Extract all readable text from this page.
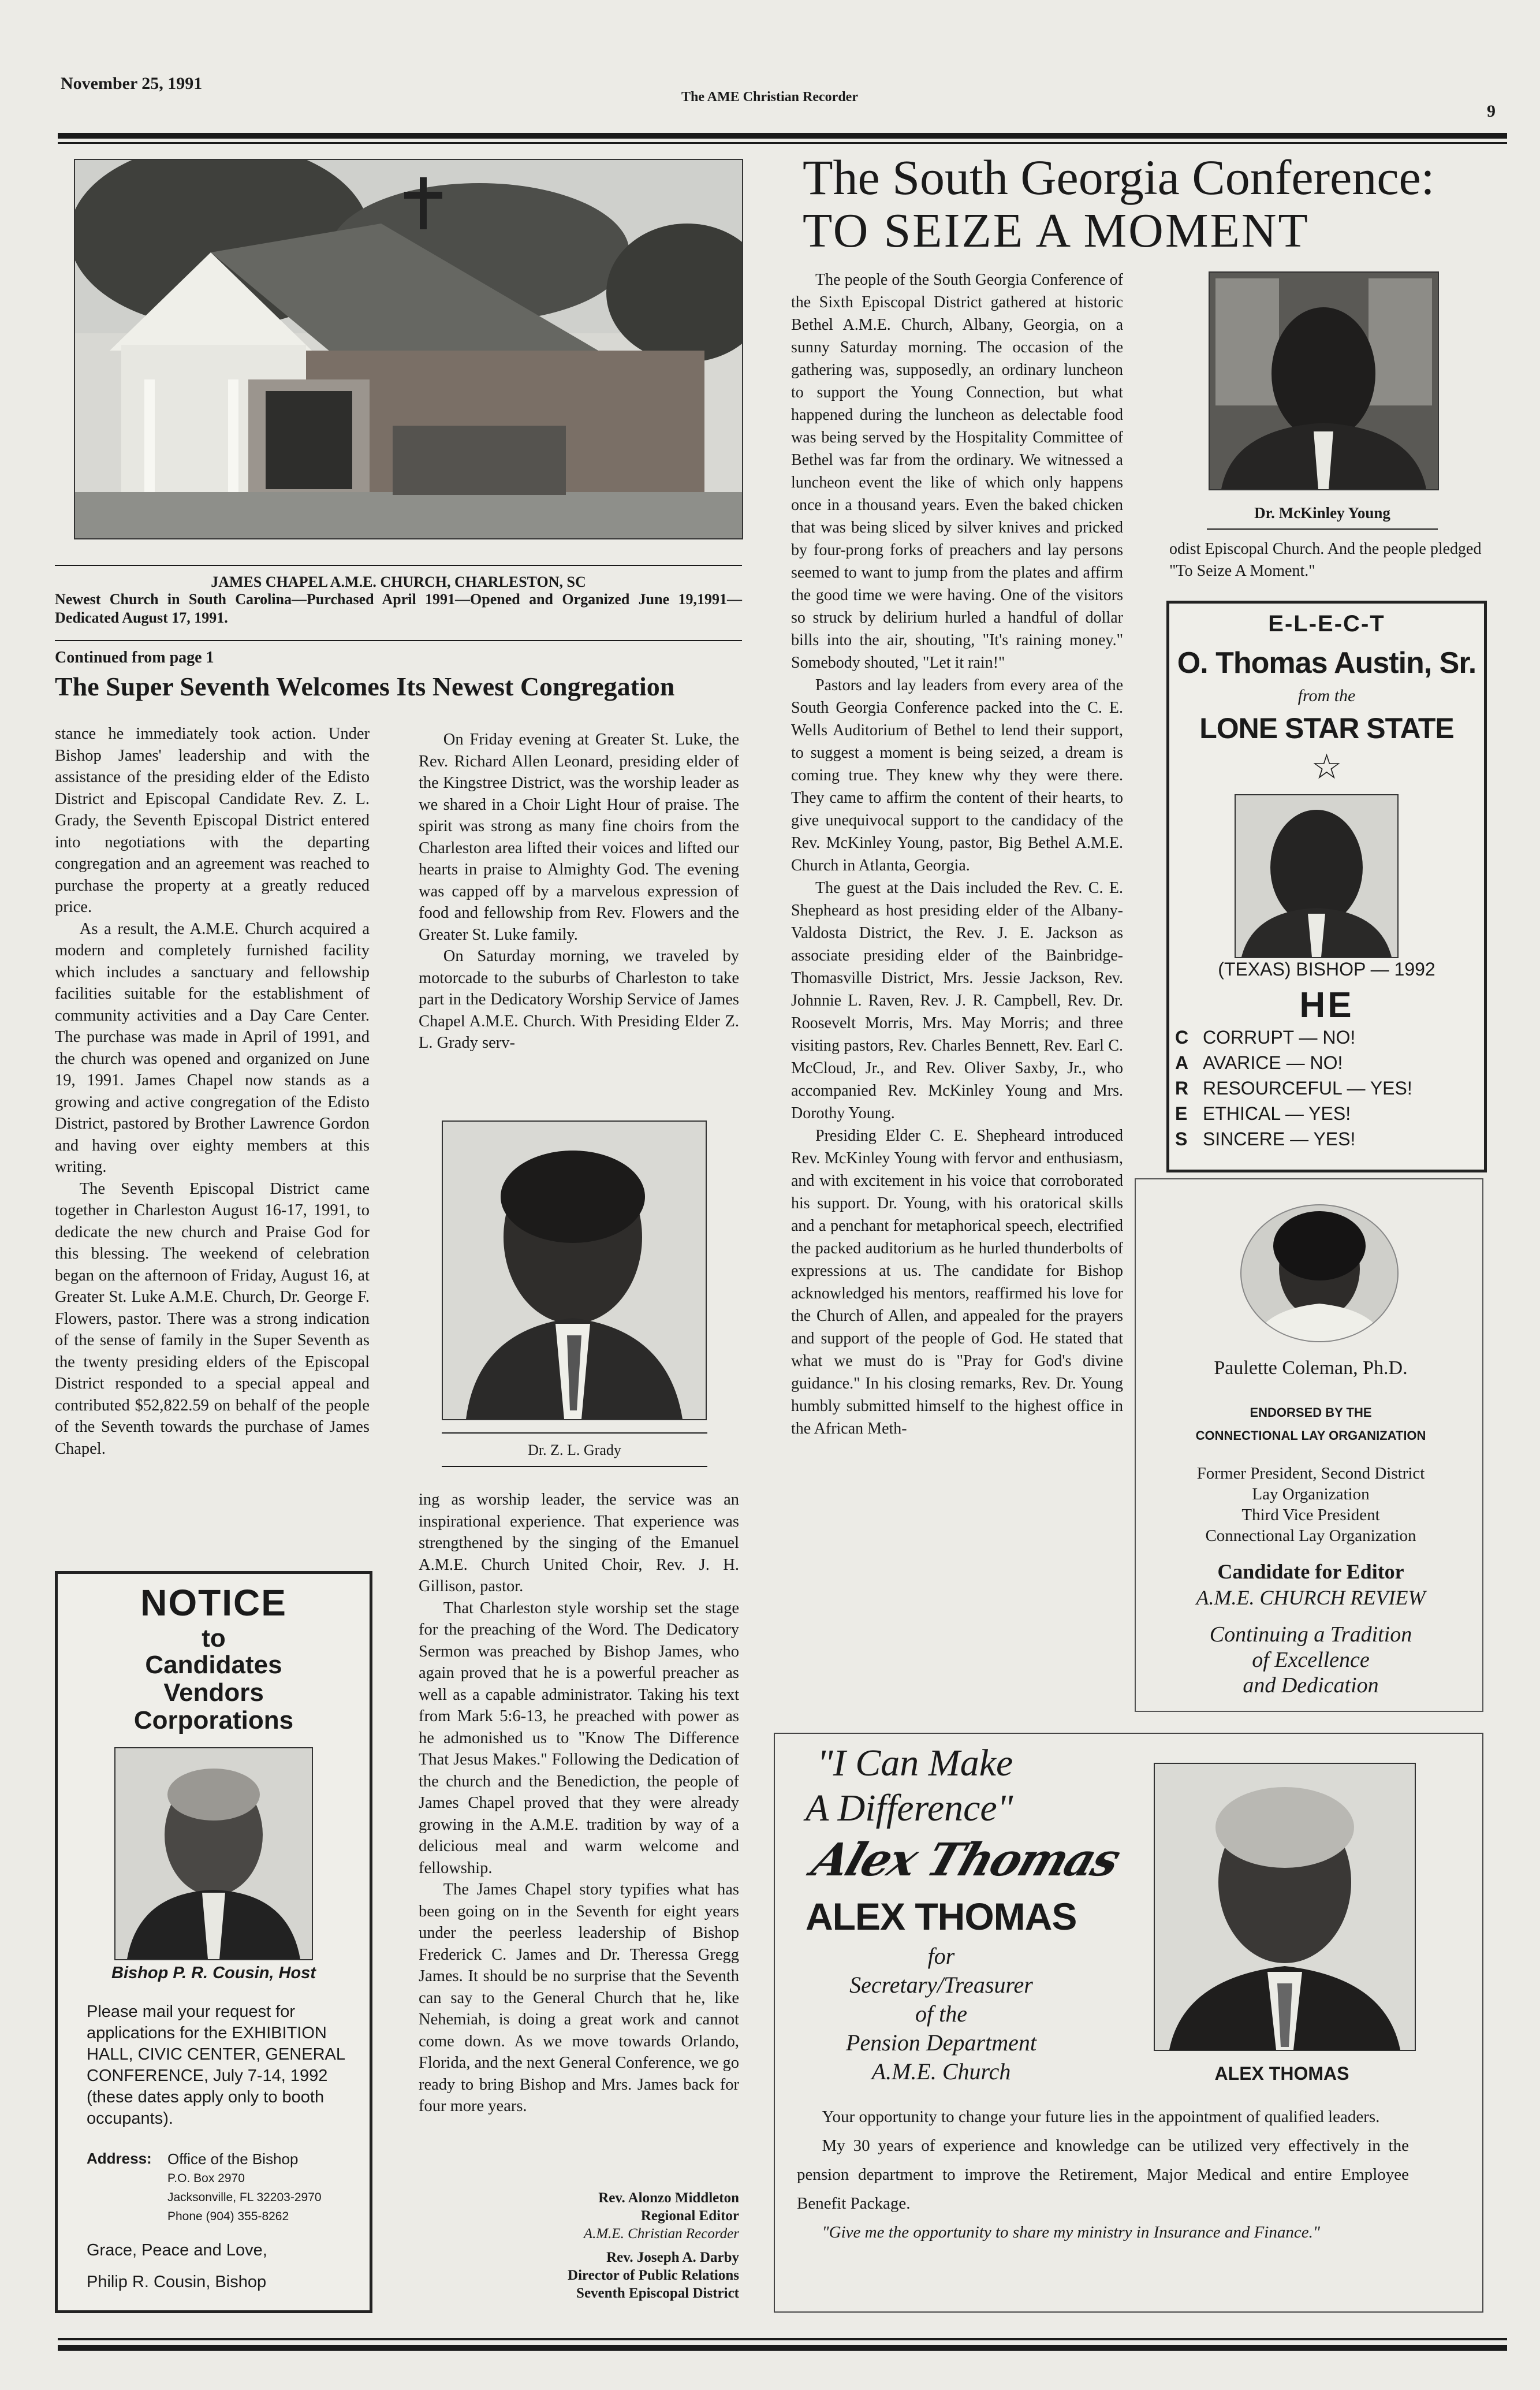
November 25, 1991
The AME Christian Recorder
9
JAMES CHAPEL A.M.E. CHURCH, CHARLESTON, SC
Newest Church in South Carolina—Purchased April 1991—Opened and Organized June 19,1991—Dedicated August 17, 1991.
Continued from page 1
The Super Seventh Welcomes Its Newest Congregation

stance he immediately took action. Under Bishop James' leadership and with the assistance of the presiding elder of the Edisto District and Episcopal Candidate Rev. Z. L. Grady, the Seventh Episcopal District entered into negotiations with the departing congregation and an agreement was reached to purchase the property at a greatly reduced price.

As a result, the A.M.E. Church acquired a modern and completely furnished facility which includes a sanctuary and fellowship facilities suitable for the establishment of community activities and a Day Care Center. The purchase was made in April of 1991, and the church was opened and organized on June 19, 1991. James Chapel now stands as a growing and active congregation of the Edisto District, pastored by Brother Lawrence Gordon and having over eighty members at this writing.

The Seventh Episcopal District came together in Charleston August 16-17, 1991, to dedicate the new church and Praise God for this blessing. The weekend of celebration began on the afternoon of Friday, August 16, at Greater St. Luke A.M.E. Church, Dr. George F. Flowers, pastor. There was a strong indication of the sense of family in the Super Seventh as the twenty presiding elders of the Episcopal District responded to a special appeal and contributed $52,822.59 on behalf of the people of the Seventh towards the purchase of James Chapel.

On Friday evening at Greater St. Luke, the Rev. Richard Allen Leonard, presiding elder of the Kingstree District, was the worship leader as we shared in a Choir Light Hour of praise. The spirit was strong as many fine choirs from the Charleston area lifted their voices and lifted our hearts in praise to Almighty God. The evening was capped off by a marvelous expression of food and fellowship from Rev. Flowers and the Greater St. Luke family.

On Saturday morning, we traveled by motorcade to the suburbs of Charleston to take part in the Dedicatory Worship Service of James Chapel A.M.E. Church. With Presiding Elder Z. L. Grady serv-

Dr. Z. L. Grady

ing as worship leader, the service was an inspirational experience. That experience was strengthened by the singing of the Emanuel A.M.E. Church United Choir, Rev. J. H. Gillison, pastor.

That Charleston style worship set the stage for the preaching of the Word. The Dedicatory Sermon was preached by Bishop James, who again proved that he is a powerful preacher as well as a capable administrator. Taking his text from Mark 5:6-13, he preached with power as he admonished us to "Know The Difference That Jesus Makes." Following the Dedication of the church and the Benediction, the people of James Chapel proved that they were already growing in the A.M.E. tradition by way of a delicious meal and warm welcome and fellowship.

The James Chapel story typifies what has been going on in the Seventh for eight years under the peerless leadership of Bishop Frederick C. James and Dr. Theressa Gregg James. It should be no surprise that the Seventh can say to the General Church that he, like Nehemiah, is doing a great work and cannot come down. As we move towards Orlando, Florida, and the next General Conference, we go ready to bring Bishop and Mrs. James back for four more years.

Rev. Alonzo Middleton
Regional Editor
A.M.E. Christian Recorder
Rev. Joseph A. Darby
Director of Public Relations
Seventh Episcopal District
NOTICE
to
Candidates
Vendors
Corporations
Bishop P. R. Cousin, Host
Please mail your request for applications for the EXHIBITION HALL, CIVIC CENTER, GENERAL CONFERENCE, July 7-14, 1992 (these dates apply only to booth occupants).
Address: Office of the Bishop
P.O. Box 2970
Jacksonville, FL 32203-2970
Phone (904) 355-8262
Grace, Peace and Love,
Philip R. Cousin, Bishop
The South Georgia Conference:
TO SEIZE A MOMENT

The people of the South Georgia Conference of the Sixth Episcopal District gathered at historic Bethel A.M.E. Church, Albany, Georgia, on a sunny Saturday morning. The occasion of the gathering was, supposedly, an ordinary luncheon to support the Young Connection, but what happened during the luncheon as delectable food was being served by the Hospitality Committee of Bethel was far from the ordinary. We witnessed a luncheon event the like of which only happens once in a thousand years. Even the baked chicken that was being sliced by silver knives and pricked by four-prong forks of preachers and lay persons seemed to want to jump from the plates and affirm the good time we were having. One of the visitors so struck by delirium hurled a handful of dollar bills into the air, shouting, "It's raining money." Somebody shouted, "Let it rain!"

Pastors and lay leaders from every area of the South Georgia Conference packed into the C. E. Wells Auditorium of Bethel to lend their support, to suggest a moment is being seized, a dream is coming true. They knew why they were there. They came to affirm the content of their hearts, to give unequivocal support to the candidacy of the Rev. McKinley Young, pastor, Big Bethel A.M.E. Church in Atlanta, Georgia.

The guest at the Dais included the Rev. C. E. Shepheard as host presiding elder of the Albany-Valdosta District, the Rev. J. E. Jackson as associate presiding elder of the Bainbridge-Thomasville District, Mrs. Jessie Jackson, Rev. Johnnie L. Raven, Rev. J. R. Campbell, Rev. Dr. Roosevelt Morris, Mrs. May Morris; and three visiting pastors, Rev. Charles Bennett, Rev. Earl C. McCloud, Jr., and Rev. Oliver Saxby, Jr., who accompanied Rev. McKinley Young and Mrs. Dorothy Young.

Presiding Elder C. E. Shepheard introduced Rev. McKinley Young with fervor and enthusiasm, and with excitement in his voice that corroborated his support. Dr. Young, with his oratorical skills and a penchant for metaphorical speech, electrified the packed auditorium as he hurled thunderbolts of expressions at us. The candidate for Bishop acknowledged his mentors, reaffirmed his love for the Church of Allen, and appealed for the prayers and support of the people of God. He stated that what we must do is "Pray for God's divine guidance." In his closing remarks, Rev. Dr. Young humbly submitted himself to the highest office in the African Meth-

Dr. McKinley Young
odist Episcopal Church. And the people pledged "To Seize A Moment."
E-L-E-C-T
O. Thomas Austin, Sr.
from the
LONE STAR STATE
☆
(TEXAS) BISHOP — 1992
HE
C CORRUPT — NO!
A AVARICE — NO!
R RESOURCEFUL — YES!
E ETHICAL — YES!
S SINCERE — YES!
Paulette Coleman, Ph.D.
ENDORSED BY THE
CONNECTIONAL LAY ORGANIZATION
Former President, Second District
Lay Organization
Third Vice President
Connectional Lay Organization
Candidate for Editor
A.M.E. CHURCH REVIEW
Continuing a Tradition
of Excellence
and Dedication
"I Can Make
A Difference"
Alex Thomas
ALEX THOMAS
for
Secretary/Treasurer
of the
Pension Department
A.M.E. Church	ALEX THOMAS

Your opportunity to change your future lies in the appointment of qualified leaders.

My 30 years of experience and knowledge can be utilized very effectively in the pension department to improve the Retirement, Major Medical and entire Employee Benefit Package.

"Give me the opportunity to share my ministry in Insurance and Finance."
